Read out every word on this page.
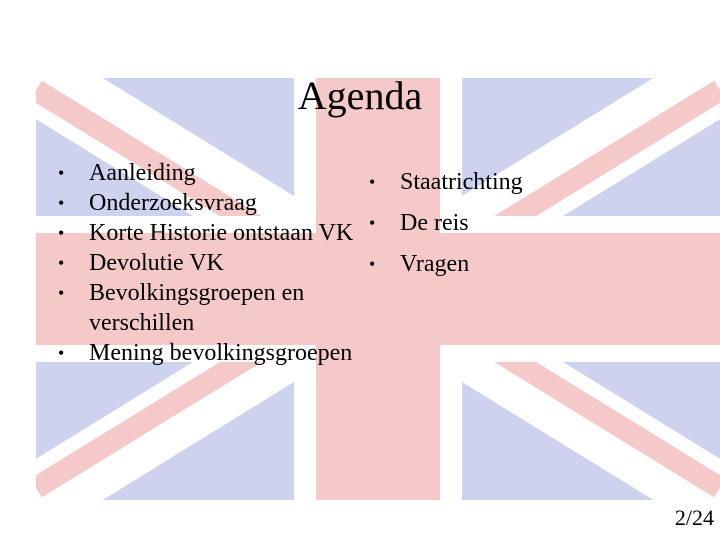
Agenda
• Aanleiding
• Onderzoeksvraag
• Korte Historie ontstaan VK
• Devolutie VK
• Bevolkingsgroepen en verschillen
• Mening bevolkingsgroepen
• Staatrichting
• De reis
• Vragen
2/24
